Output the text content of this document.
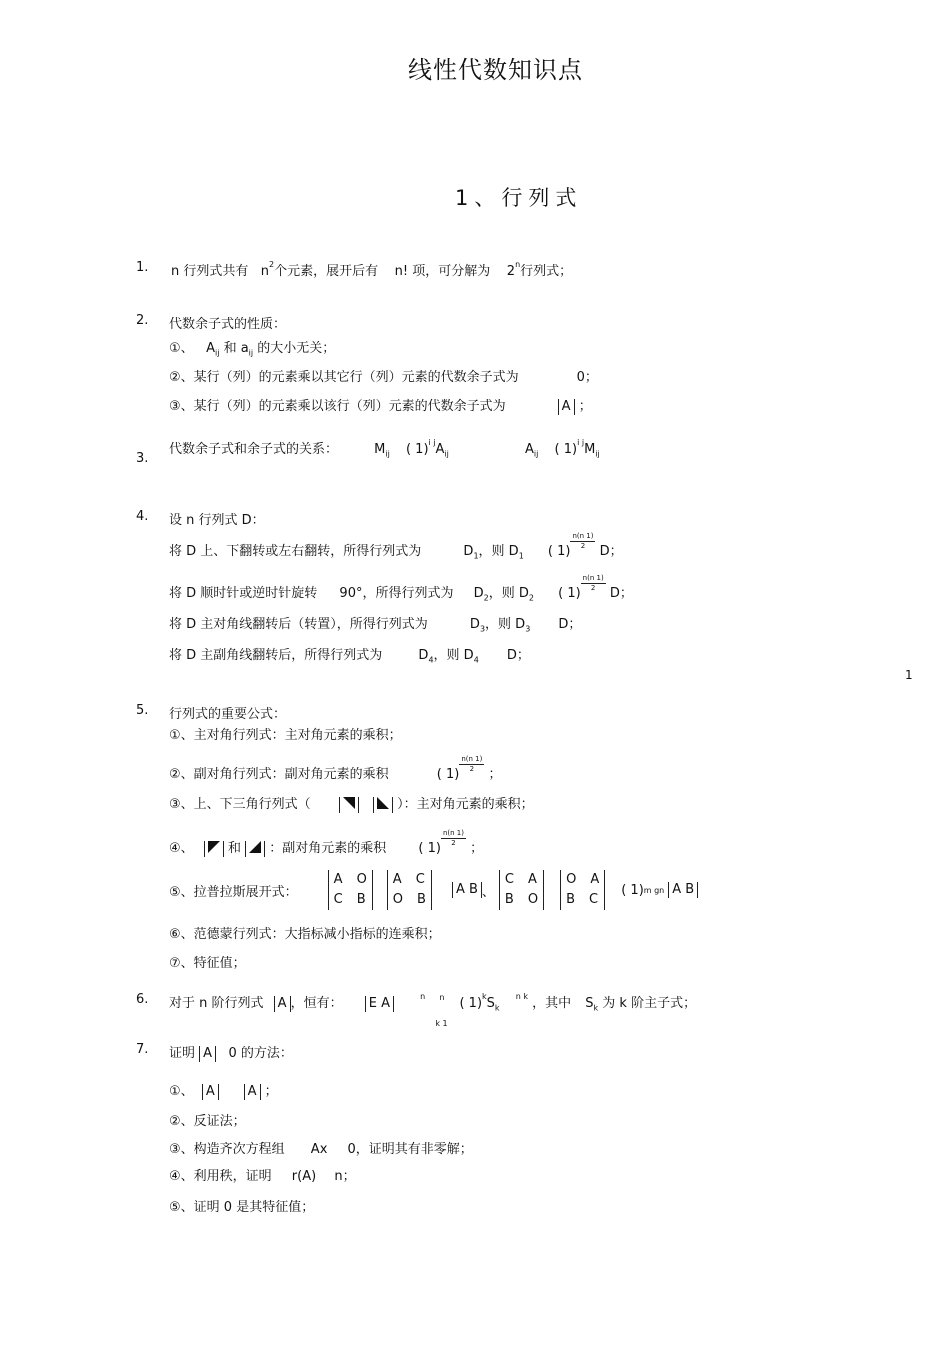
线性代数知识点
1、行列式
1
1. n 行列式共有 $n^2$个元素，展开后有 n! 项，可分解为 2$^n$行列式；
2. 代数余子式的性质：
①、 $A_{ij}$ 和 $a_{ij}$ 的大小无关；
②、某行（列）的元素乘以其它行（列）元素的代数余子式为	0；
③、某行（列）的元素乘以该行（列）元素的代数余子式为	A ；
3.
代数余子式和余子式的关系：	$M_{ij}$ ( $1)^{i j}A_{ij}$	$A_{ij}$ ( $1)^{i j}M_{ij}$
4. 设 n 行列式 D：
将 D 上、下翻转或左右翻转，所得行列式为	$D_1$，则 $D_1$ ( 1)
$\frac{n(n 1)}{2}$
D；
将 D 顺时针或逆时针旋转 90°，所得行列式为 $D_2$，则 $D_2$ ( 1)
$\frac{n(n 1)}{2}$
D；
将 D 主对角线翻转后（转置），所得行列式为	$D_3$，则 $D_3$ D；
将 D 主副角线翻转后，所得行列式为	$D_4$，则 $D_4$ D；
5. 行列式的重要公式：
①、主对角行列式：主对角元素的乘积；
②、副对角行列式：副对角元素的乘积	( 1)
$\frac{n(n 1)}{2}$
；
③、上、下三角行列式（	）：主对角元素的乘积；
④、	和 ：副对角元素的乘积 ( 1)
$\frac{n(n 1)}{2}$
；
⑤、拉普拉斯展开式：
A O
C B
A C
O B
A B 、
C A
B O
O A
B C
( 1) m gn A B
⑥、范德蒙行列式：大指标减小指标的连乘积；
⑦、特征值；
6. 对于 n 阶行列式 A ，恒有： E A	$^n$ n
k 1
( $1)^kS_k$ $^{n k}$ ，其中 $S_k$ 为 k 阶主子式；
7. 证明 A 0 的方法：
①、 A	A ；
②、反证法；
③、构造齐次方程组 Ax 0，证明其有非零解；
④、利用秩，证明 r(A) n；
⑤、证明 0 是其特征值；
